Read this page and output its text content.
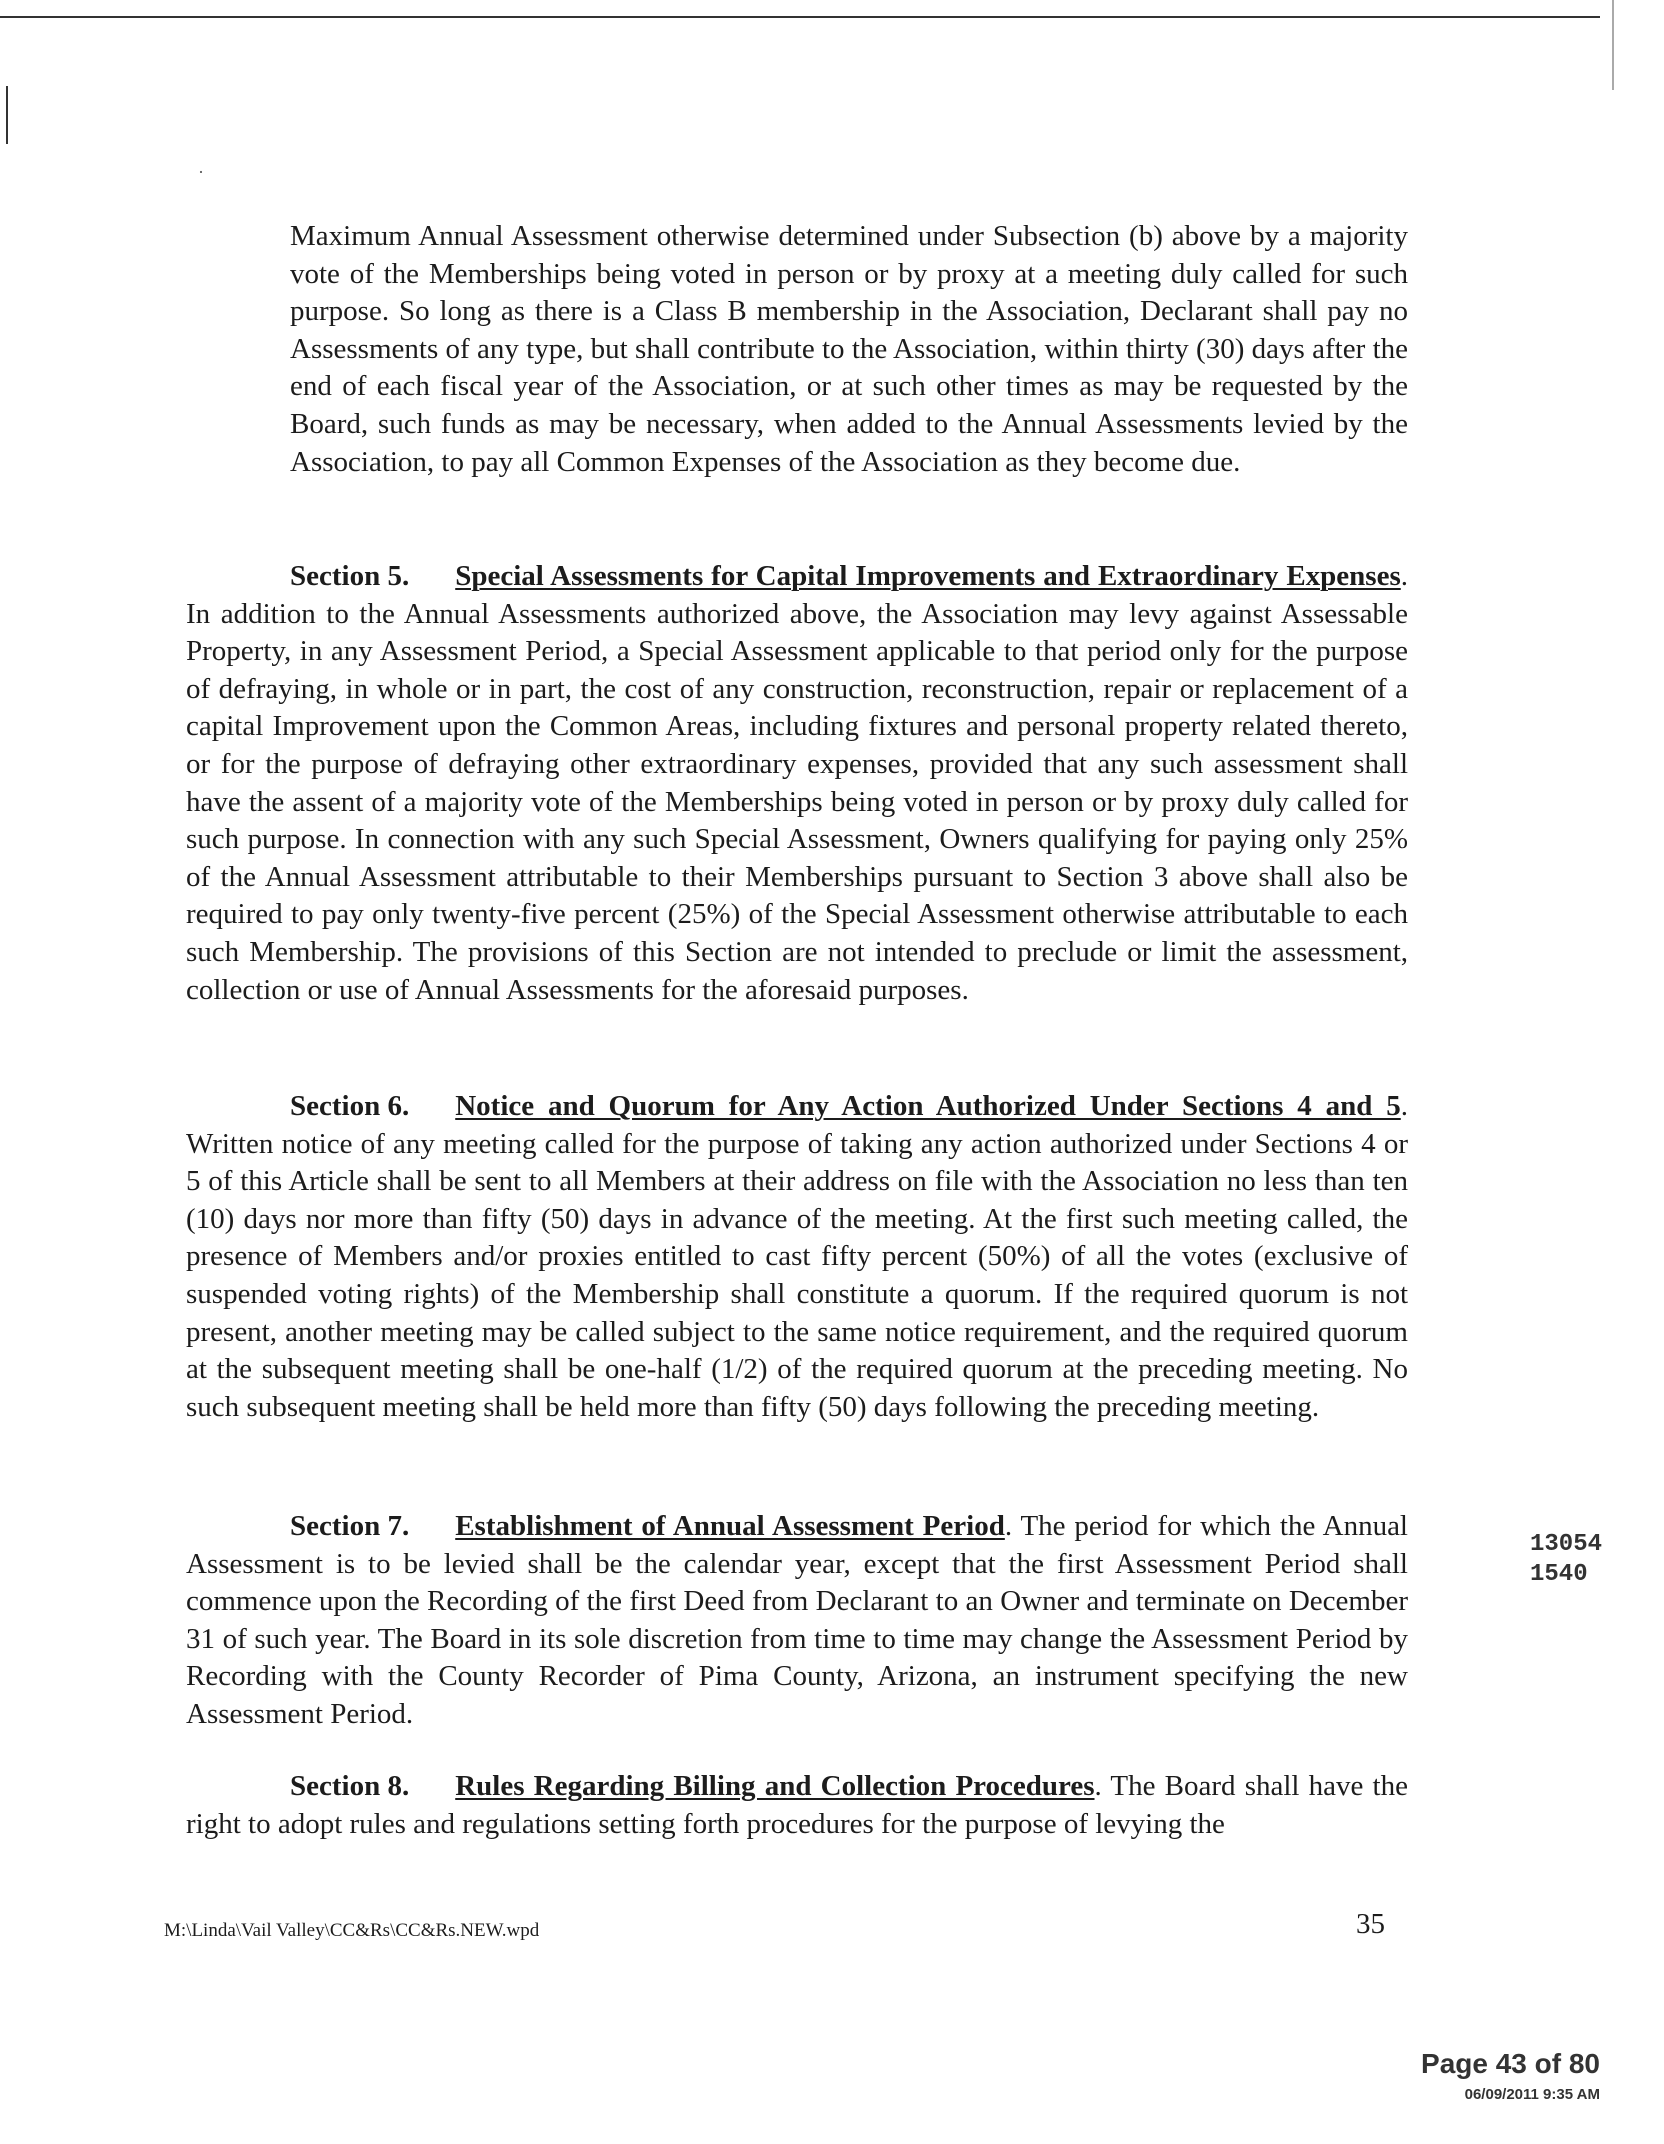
·
Maximum Annual Assessment otherwise determined under Subsection (b) above by a majority vote of the Memberships being voted in person or by proxy at a meeting duly called for such purpose. So long as there is a Class B membership in the Association, Declarant shall pay no Assessments of any type, but shall contribute to the Association, within thirty (30) days after the end of each fiscal year of the Association, or at such other times as may be requested by the Board, such funds as may be necessary, when added to the Annual Assessments levied by the Association, to pay all Common Expenses of the Association as they become due.
Section 5. Special Assessments for Capital Improvements and Extraordinary Expenses. In addition to the Annual Assessments authorized above, the Association may levy against Assessable Property, in any Assessment Period, a Special Assessment applicable to that period only for the purpose of defraying, in whole or in part, the cost of any construction, reconstruction, repair or replacement of a capital Improvement upon the Common Areas, including fixtures and personal property related thereto, or for the purpose of defraying other extraordinary expenses, provided that any such assessment shall have the assent of a majority vote of the Memberships being voted in person or by proxy duly called for such purpose. In connection with any such Special Assessment, Owners qualifying for paying only 25% of the Annual Assessment attributable to their Memberships pursuant to Section 3 above shall also be required to pay only twenty-five percent (25%) of the Special Assessment otherwise attributable to each such Membership. The provisions of this Section are not intended to preclude or limit the assessment, collection or use of Annual Assessments for the aforesaid purposes.
Section 6. Notice and Quorum for Any Action Authorized Under Sections 4 and 5. Written notice of any meeting called for the purpose of taking any action authorized under Sections 4 or 5 of this Article shall be sent to all Members at their address on file with the Association no less than ten (10) days nor more than fifty (50) days in advance of the meeting. At the first such meeting called, the presence of Members and/or proxies entitled to cast fifty percent (50%) of all the votes (exclusive of suspended voting rights) of the Membership shall constitute a quorum. If the required quorum is not present, another meeting may be called subject to the same notice requirement, and the required quorum at the subsequent meeting shall be one-half (1/2) of the required quorum at the preceding meeting. No such subsequent meeting shall be held more than fifty (50) days following the preceding meeting.
Section 7. Establishment of Annual Assessment Period. The period for which the Annual Assessment is to be levied shall be the calendar year, except that the first Assessment Period shall commence upon the Recording of the first Deed from Declarant to an Owner and terminate on December 31 of such year. The Board in its sole discretion from time to time may change the Assessment Period by Recording with the County Recorder of Pima County, Arizona, an instrument specifying the new Assessment Period.
Section 8. Rules Regarding Billing and Collection Procedures. The Board shall have the right to adopt rules and regulations setting forth procedures for the purpose of levying the
13054 1540
M:\Linda\Vail Valley\CC&Rs\CC&Rs.NEW.wpd	35
Page 43 of 80
06/09/2011 9:35 AM
